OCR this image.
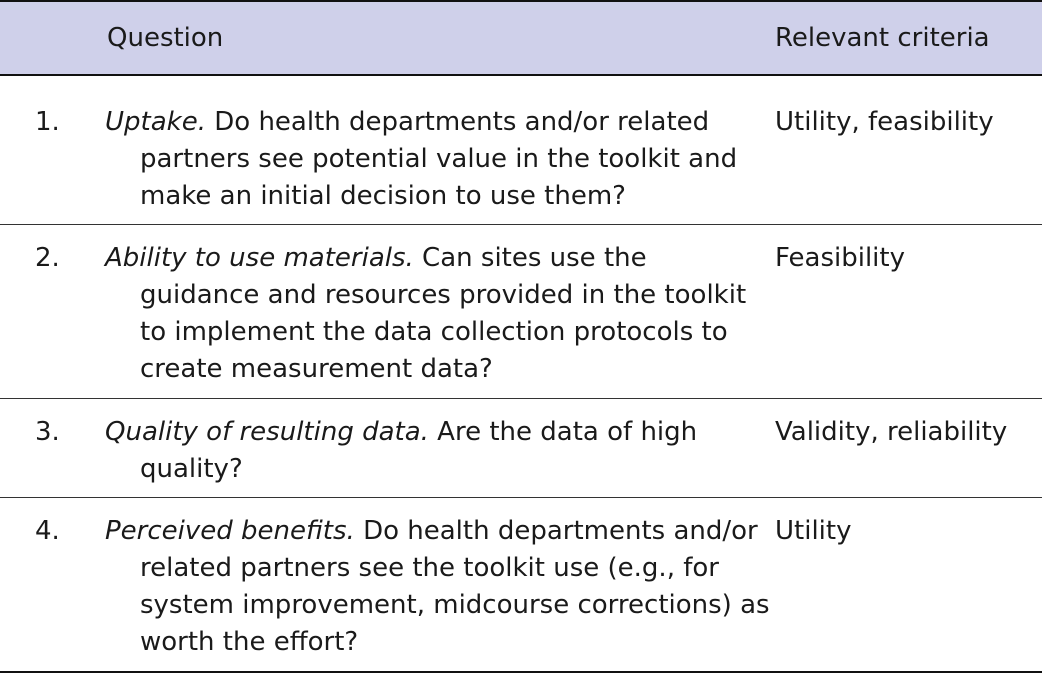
	Question	Relevant criteria
1.	Uptake. Do health departments and/or related partners see potential value in the toolkit and make an initial decision to use them?	Utility, feasibility
2.	Ability to use materials. Can sites use the guidance and resources provided in the toolkit to implement the data collection protocols to create measurement data?	Feasibility
3.	Quality of resulting data. Are the data of high quality?	Validity, reliability
4.	Perceived benefits. Do health departments and/or related partners see the toolkit use (e.g., for system improvement, midcourse corrections) as worth the effort?	Utility
